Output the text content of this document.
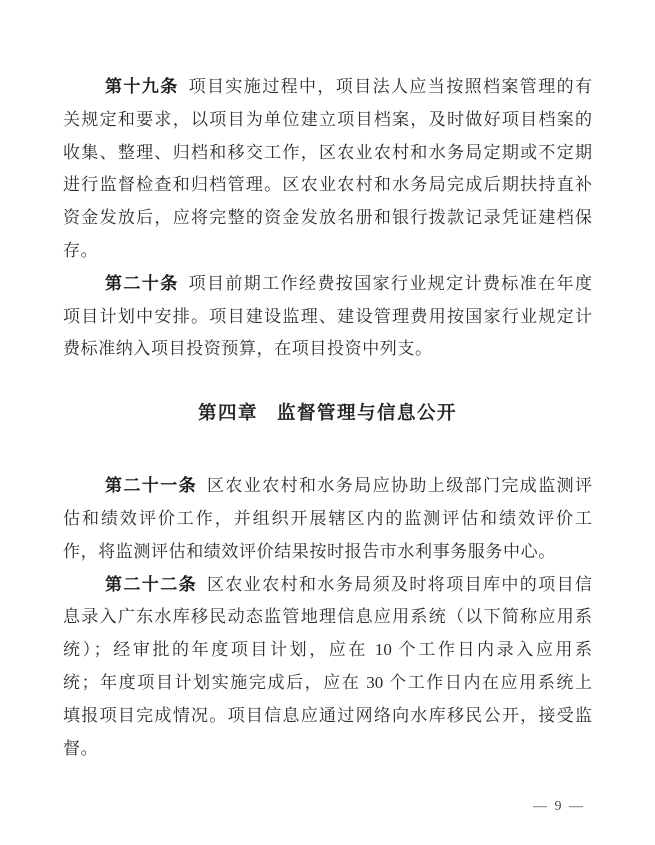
第十九条 项目实施过程中，项目法人应当按照档案管理的有
关规定和要求，以项目为单位建立项目档案，及时做好项目档案的
收集、整理、归档和移交工作，区农业农村和水务局定期或不定期
进行监督检查和归档管理。区农业农村和水务局完成后期扶持直补
资金发放后，应将完整的资金发放名册和银行拨款记录凭证建档保
存。
第二十条 项目前期工作经费按国家行业规定计费标准在年度
项目计划中安排。项目建设监理、建设管理费用按国家行业规定计
费标准纳入项目投资预算，在项目投资中列支。
第四章 监督管理与信息公开
第二十一条 区农业农村和水务局应协助上级部门完成监测评
估和绩效评价工作，并组织开展辖区内的监测评估和绩效评价工
作，将监测评估和绩效评价结果按时报告市水利事务服务中心。
第二十二条 区农业农村和水务局须及时将项目库中的项目信
息录入广东水库移民动态监管地理信息应用系统（以下简称应用系
统）；经审批的年度项目计划，应在 10 个工作日内录入应用系
统；年度项目计划实施完成后，应在 30 个工作日内在应用系统上
填报项目完成情况。项目信息应通过网络向水库移民公开，接受监
督。
— 9 —
